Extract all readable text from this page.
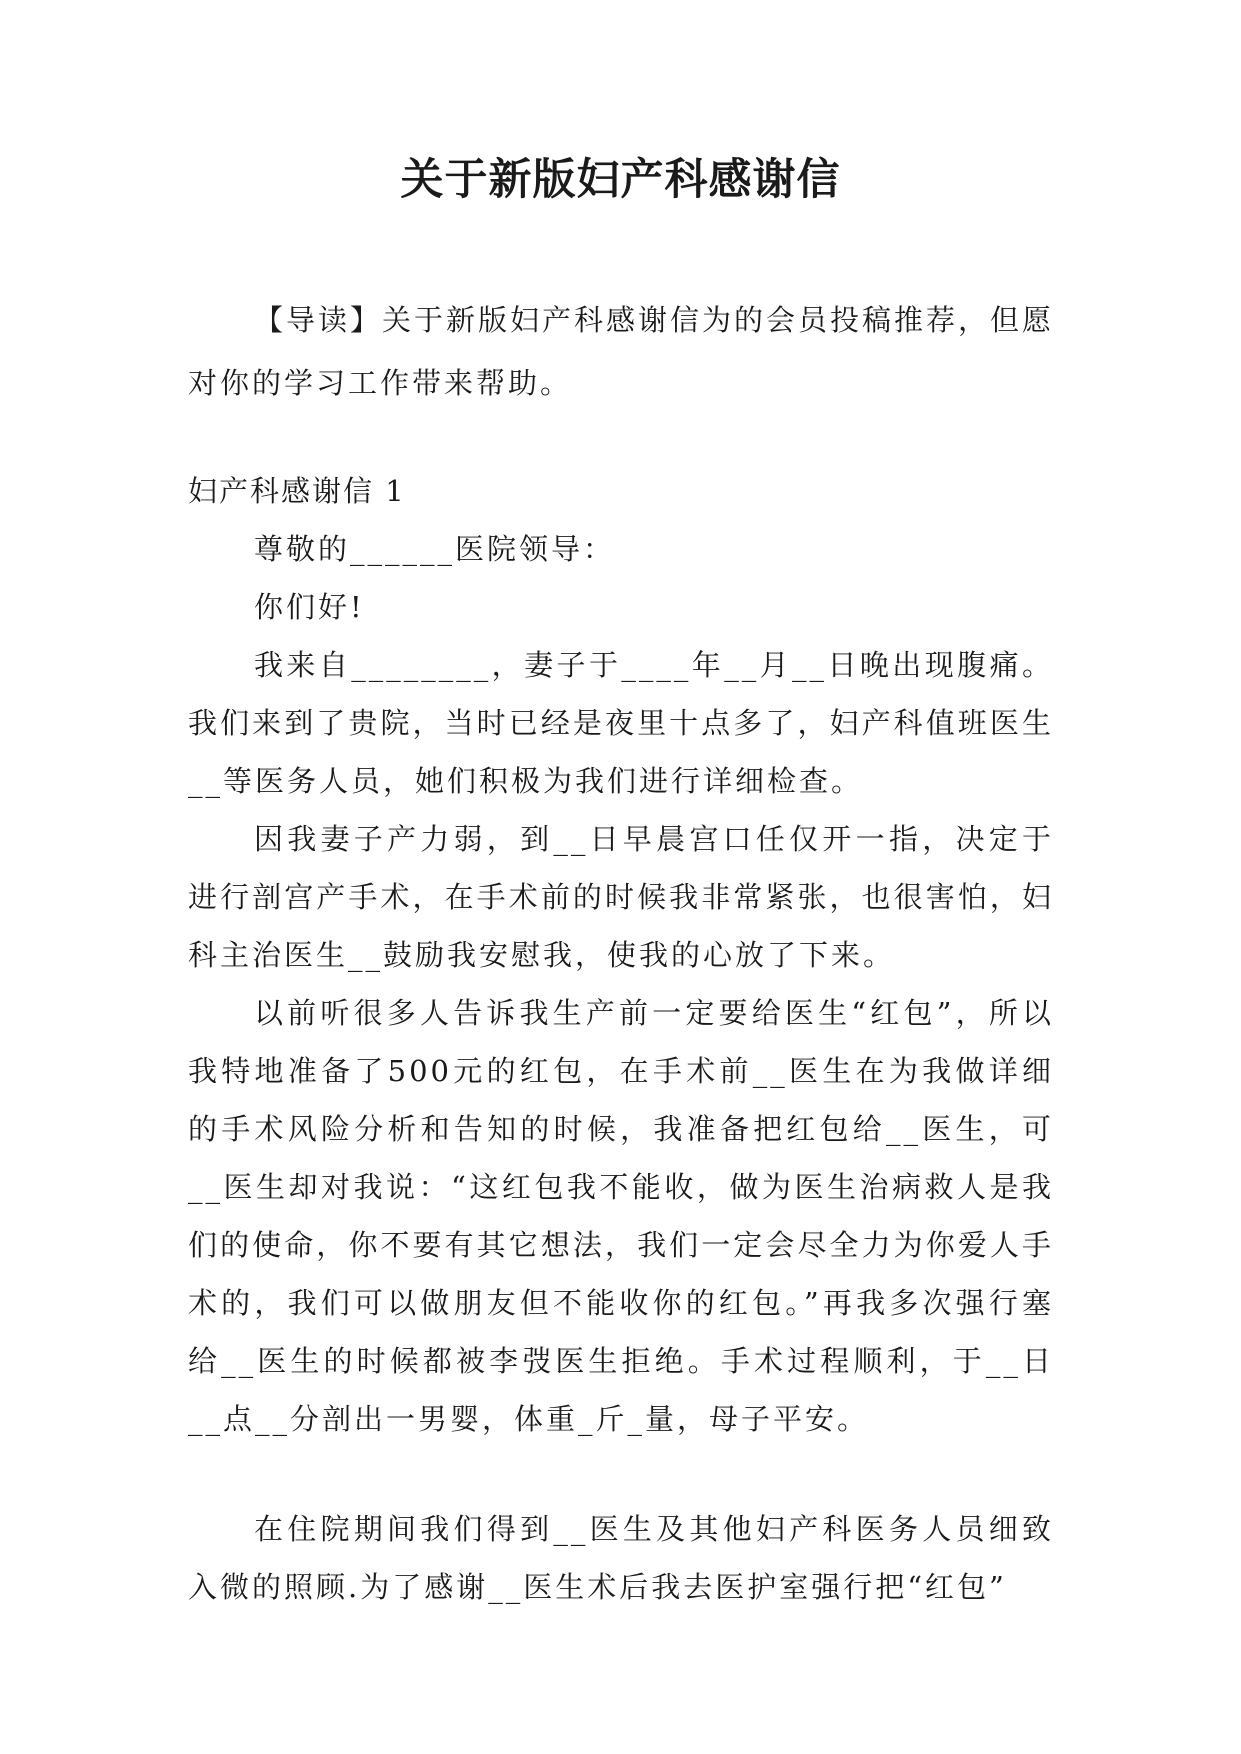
关于新版妇产科感谢信

【导读】关于新版妇产科感谢信为的会员投稿推荐，但愿对你的学习工作带来帮助。

妇产科感谢信 1

尊敬的______医院领导：

你们好!

我来自________，妻子于____年__月__日晚出现腹痛。我们来到了贵院，当时已经是夜里十点多了，妇产科值班医生__等医务人员，她们积极为我们进行详细检查。

因我妻子产力弱，到__日早晨宫口任仅开一指，决定于进行剖宫产手术，在手术前的时候我非常紧张，也很害怕，妇科主治医生__鼓励我安慰我，使我的心放了下来。

以前听很多人告诉我生产前一定要给医生“红包”，所以我特地准备了500元的红包，在手术前__医生在为我做详细的手术风险分析和告知的时候，我准备把红包给__医生，可__医生却对我说：“这红包我不能收，做为医生治病救人是我们的使命，你不要有其它想法，我们一定会尽全力为你爱人手术的，我们可以做朋友但不能收你的红包。”再我多次强行塞给__医生的时候都被李弢医生拒绝。手术过程顺利，于__日__点__分剖出一男婴，体重_斤_量，母子平安。

在住院期间我们得到__医生及其他妇产科医务人员细致入微的照顾.为了感谢__医生术后我去医护室强行把“红包”
